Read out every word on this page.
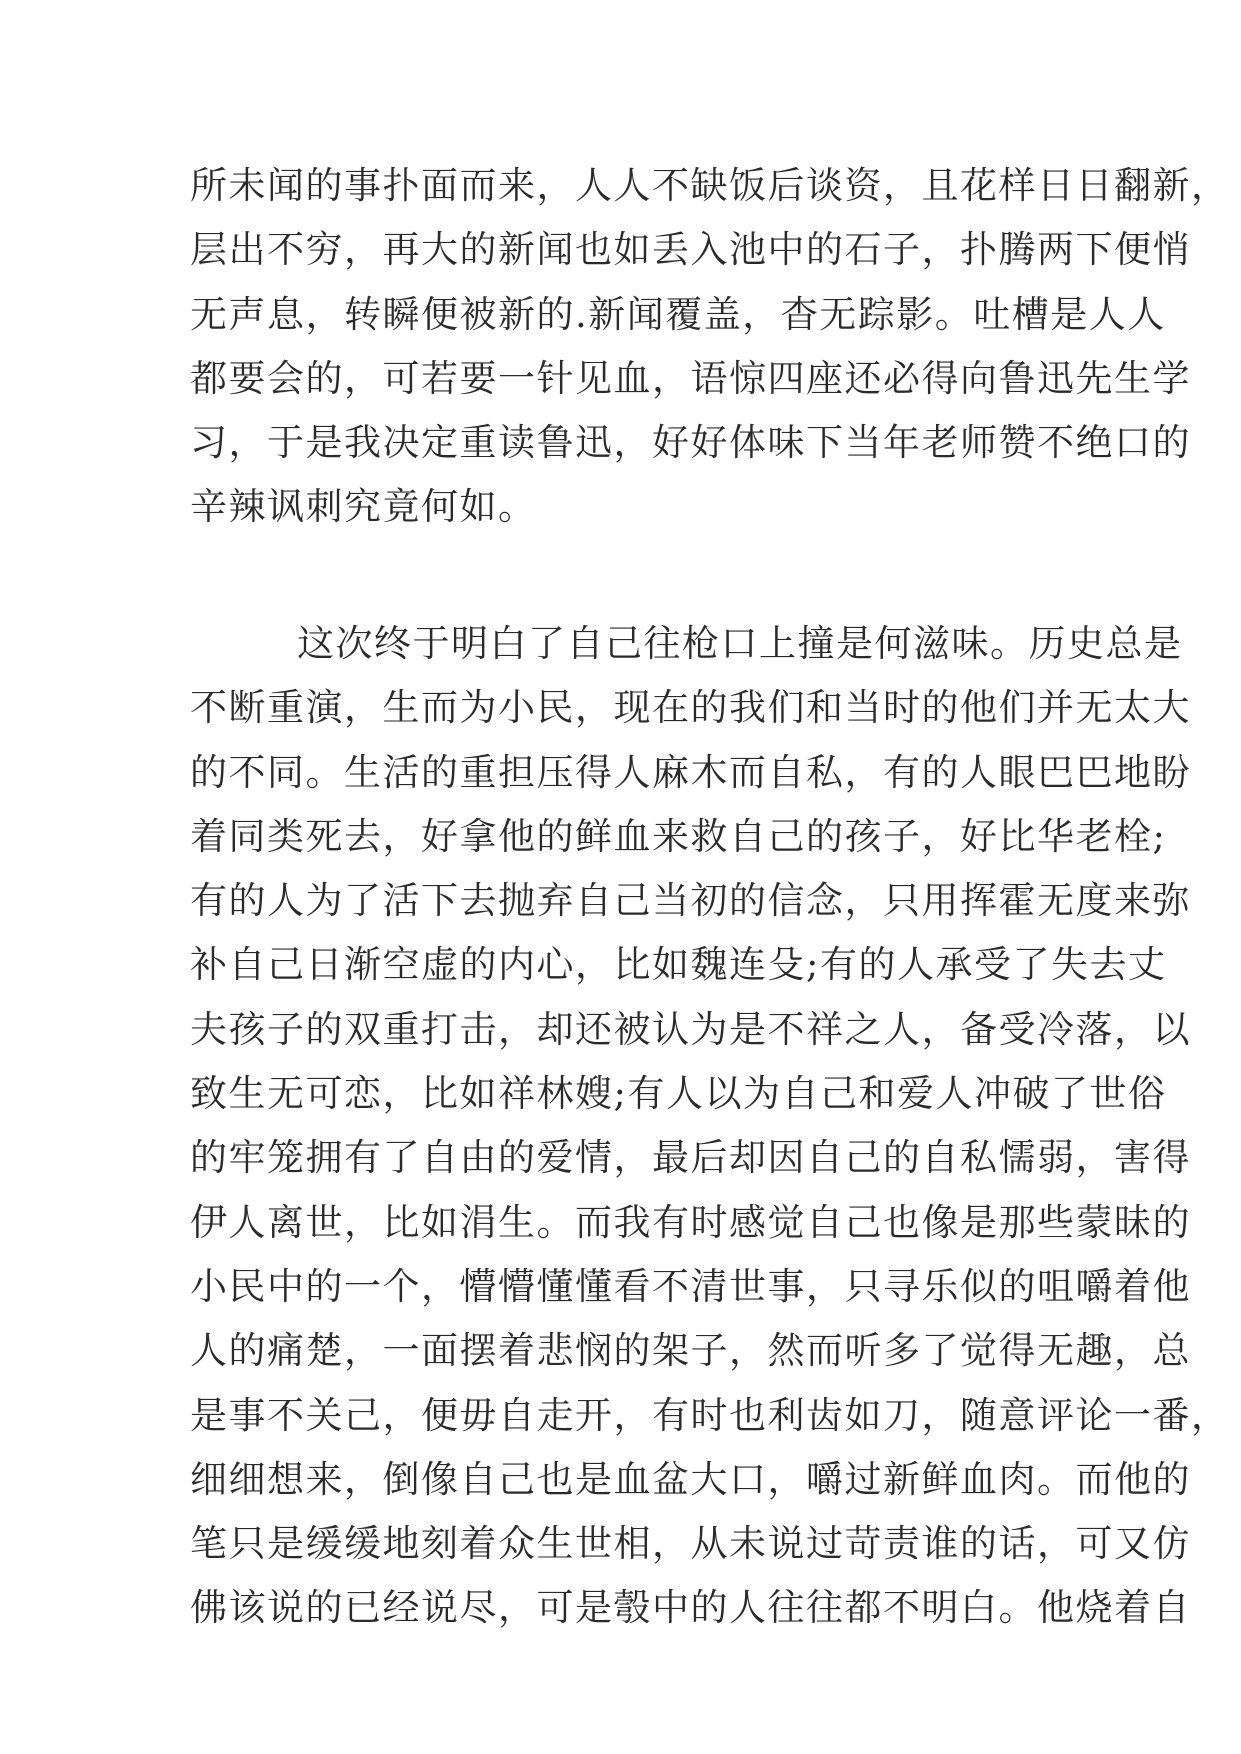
所未闻的事扑面而来，人人不缺饭后谈资，且花样日日翻新，
层出不穷，再大的新闻也如丢入池中的石子，扑腾两下便悄
无声息，转瞬便被新的.新闻覆盖，杳无踪影。吐槽是人人
都要会的，可若要一针见血，语惊四座还必得向鲁迅先生学
习，于是我决定重读鲁迅，好好体味下当年老师赞不绝口的
辛辣讽刺究竟何如。
这次终于明白了自己往枪口上撞是何滋味。历史总是
不断重演，生而为小民，现在的我们和当时的他们并无太大
的不同。生活的重担压得人麻木而自私，有的人眼巴巴地盼
着同类死去，好拿他的鲜血来救自己的孩子，好比华老栓;
有的人为了活下去抛弃自己当初的信念，只用挥霍无度来弥
补自己日渐空虚的内心，比如魏连殳;有的人承受了失去丈
夫孩子的双重打击，却还被认为是不祥之人，备受冷落，以
致生无可恋，比如祥林嫂;有人以为自己和爱人冲破了世俗
的牢笼拥有了自由的爱情，最后却因自己的自私懦弱，害得
伊人离世，比如涓生。而我有时感觉自己也像是那些蒙昧的
小民中的一个，懵懵懂懂看不清世事，只寻乐似的咀嚼着他
人的痛楚，一面摆着悲悯的架子，然而听多了觉得无趣，总
是事不关己，便毋自走开，有时也利齿如刀，随意评论一番，
细细想来，倒像自己也是血盆大口，嚼过新鲜血肉。而他的
笔只是缓缓地刻着众生世相，从未说过苛责谁的话，可又仿
佛该说的已经说尽，可是彀中的人往往都不明白。他烧着自
